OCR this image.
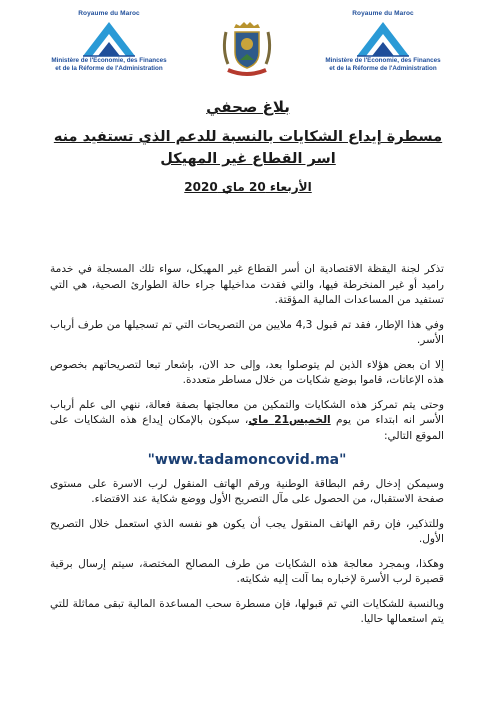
Royaume du Maroc
Ministère de l'Economie, des Finances
et de la Réforme de l'Administration
Royaume du Maroc
Ministère de l'Economie, des Finances
et de la Réforme de l'Administration
بلاغ صحفي
مسطرة إيداع الشكايات بالنسبة للدعم الذي تستفيد منه اسر القطاع غير المهيكل
الأربعاء 20 ماي 2020

تذكر لجنة اليقظة الاقتصادية ان أسر القطاع غير المهيكل، سواء تلك المسجلة في خدمة راميد أو غير المنخرطة فيها، والتي فقدت مداخيلها جراء حالة الطوارئ الصحية، هي التي تستفيد من المساعدات المالية المؤقتة.

وفي هذا الإطار، فقد تم قبول 4,3 ملايين من التصريحات التي تم تسجيلها من طرف أرباب الأسر.

إلا ان بعض هؤلاء الذين لم يتوصلوا بعد، وإلى حد الان، بإشعار تبعا لتصريحاتهم بخصوص هذه الإعانات، قاموا بوضع شكايات من خلال مساطر متعددة.

وحتى يتم تمركز هذه الشكايات والتمكين من معالجتها بصفة فعالة، ننهي الى علم أرباب الأسر انه ابتداء من يوم الخميس21 ماي، سيكون بالإمكان إيداع هذه الشكايات على الموقع التالي:

"www.tadamoncovid.ma"

وسيمكن إدخال رقم البطاقة الوطنية ورقم الهاتف المنقول لرب الاسرة على مستوى صفحة الاستقبال، من الحصول على مآل التصريح الأول ووضع شكاية عند الاقتضاء.

وللتذكير، فإن رقم الهاتف المنقول يجب أن يكون هو نفسه الذي استعمل خلال التصريح الأول.

وهكذا، وبمجرد معالجة هذه الشكايات من طرف المصالح المختصة، سيتم إرسال برقية قصيرة لرب الأسرة لإخباره بما آلت إليه شكايته.

وبالنسبة للشكايات التي تم قبولها، فإن مسطرة سحب المساعدة المالية تبقى مماثلة للتي يتم استعمالها حاليا.
